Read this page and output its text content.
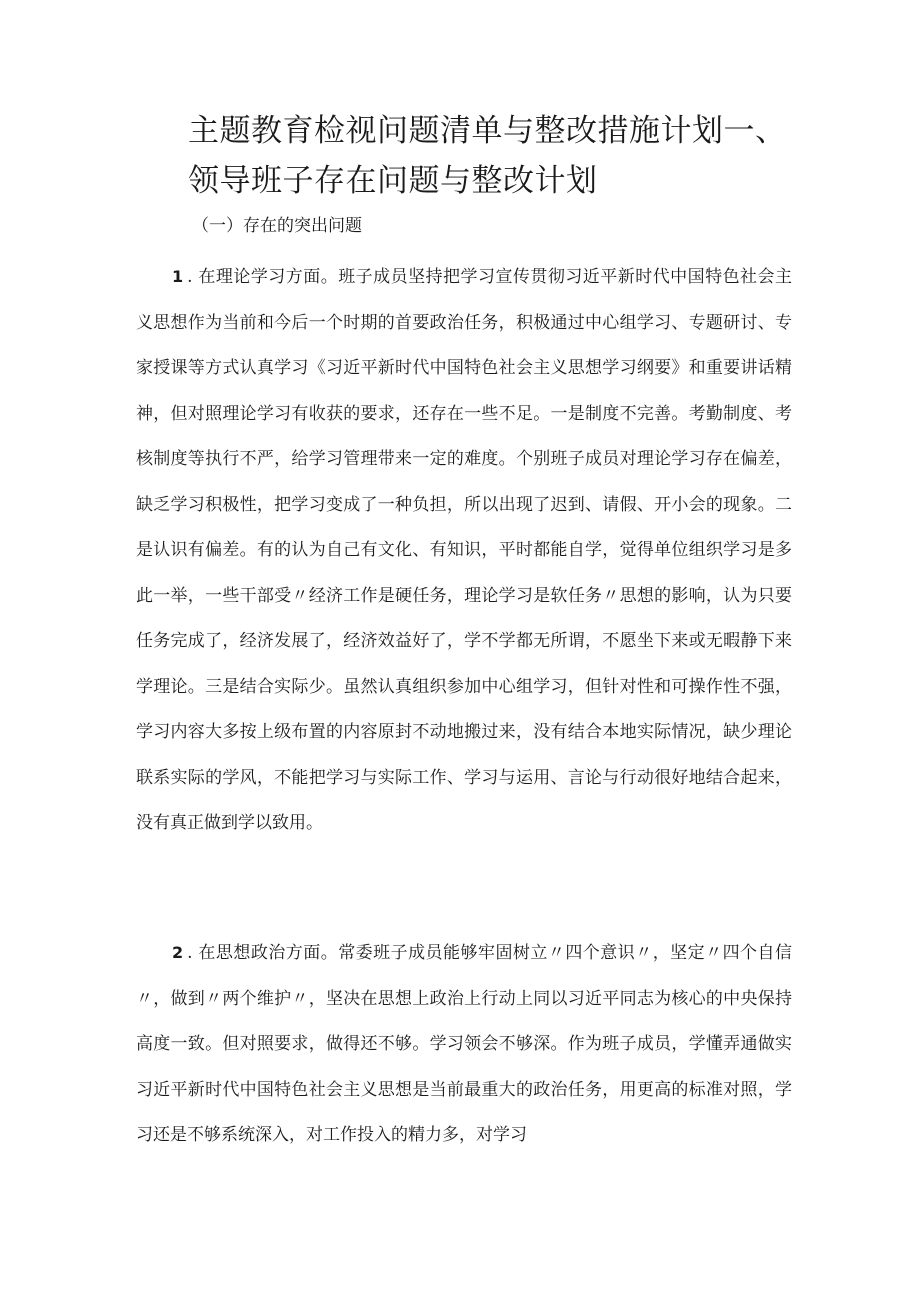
主题教育检视问题清单与整改措施计划一、领导班子存在问题与整改计划

（一）存在的突出问题

1 . 在理论学习方面。班子成员坚持把学习宣传贯彻习近平新时代中国特色社会主义思想作为当前和今后一个时期的首要政治任务，积极通过中心组学习、专题研讨、专家授课等方式认真学习《习近平新时代中国特色社会主义思想学习纲要》和重要讲话精神，但对照理论学习有收获的要求，还存在一些不足。一是制度不完善。考勤制度、考核制度等执行不严，给学习管理带来一定的难度。个别班子成员对理论学习存在偏差，缺乏学习积极性，把学习变成了一种负担，所以出现了迟到、请假、开小会的现象。二是认识有偏差。有的认为自己有文化、有知识，平时都能自学，觉得单位组织学习是多此一举，一些干部受〃经济工作是硬任务，理论学习是软任务〃思想的影响，认为只要任务完成了，经济发展了，经济效益好了，学不学都无所谓，不愿坐下来或无暇静下来学理论。三是结合实际少。虽然认真组织参加中心组学习，但针对性和可操作性不强，学习内容大多按上级布置的内容原封不动地搬过来，没有结合本地实际情况，缺少理论联系实际的学风，不能把学习与实际工作、学习与运用、言论与行动很好地结合起来，没有真正做到学以致用。

2 . 在思想政治方面。常委班子成员能够牢固树立〃四个意识〃，坚定〃四个自信〃，做到〃两个维护〃，坚决在思想上政治上行动上同以习近平同志为核心的中央保持高度一致。但对照要求，做得还不够。学习领会不够深。作为班子成员，学懂弄通做实习近平新时代中国特色社会主义思想是当前最重大的政治任务，用更高的标准对照，学习还是不够系统深入，对工作投入的精力多，对学习
